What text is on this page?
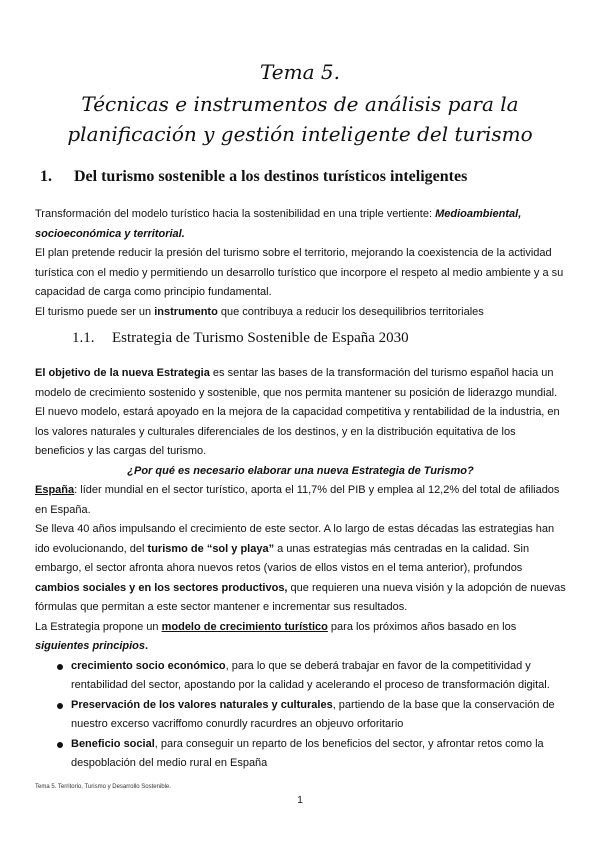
Tema 5.
Técnicas e instrumentos de análisis para la planificación y gestión inteligente del turismo
1. Del turismo sostenible a los destinos turísticos inteligentes

Transformación del modelo turístico hacia la sostenibilidad en una triple vertiente: Medioambiental, socioeconómica y territorial.

El plan pretende reducir la presión del turismo sobre el territorio, mejorando la coexistencia de la actividad turística con el medio y permitiendo un desarrollo turístico que incorpore el respeto al medio ambiente y a su capacidad de carga como principio fundamental.

El turismo puede ser un instrumento que contribuya a reducir los desequilibrios territoriales

1.1. Estrategia de Turismo Sostenible de España 2030

El objetivo de la nueva Estrategia es sentar las bases de la transformación del turismo español hacia un modelo de crecimiento sostenido y sostenible, que nos permita mantener su posición de liderazgo mundial.

El nuevo modelo, estará apoyado en la mejora de la capacidad competitiva y rentabilidad de la industria, en los valores naturales y culturales diferenciales de los destinos, y en la distribución equitativa de los beneficios y las cargas del turismo.

¿Por qué es necesario elaborar una nueva Estrategia de Turismo?

España: líder mundial en el sector turístico, aporta el 11,7% del PIB y emplea al 12,2% del total de afiliados en España.

Se lleva 40 años impulsando el crecimiento de este sector. A lo largo de estas décadas las estrategias han ido evolucionando, del turismo de “sol y playa” a unas estrategias más centradas en la calidad. Sin embargo, el sector afronta ahora nuevos retos (varios de ellos vistos en el tema anterior), profundos cambios sociales y en los sectores productivos, que requieren una nueva visión y la adopción de nuevas fórmulas que permitan a este sector mantener e incrementar sus resultados.

La Estrategia propone un modelo de crecimiento turístico para los próximos años basado en los siguientes principios.

crecimiento socio económico, para lo que se deberá trabajar en favor de la competitividad y rentabilidad del sector, apostando por la calidad y acelerando el proceso de transformación digital.
Preservación de los valores naturales y culturales, partiendo de la base que la conservación de nuestro excerso vacriffomo conurdly racurdres an objeuvo orforitario
Beneficio social, para conseguir un reparto de los beneficios del sector, y afrontar retos como la despoblación del medio rural en España
Tema 5. Territorio, Turismo y Desarrollo Sostenible.
1
